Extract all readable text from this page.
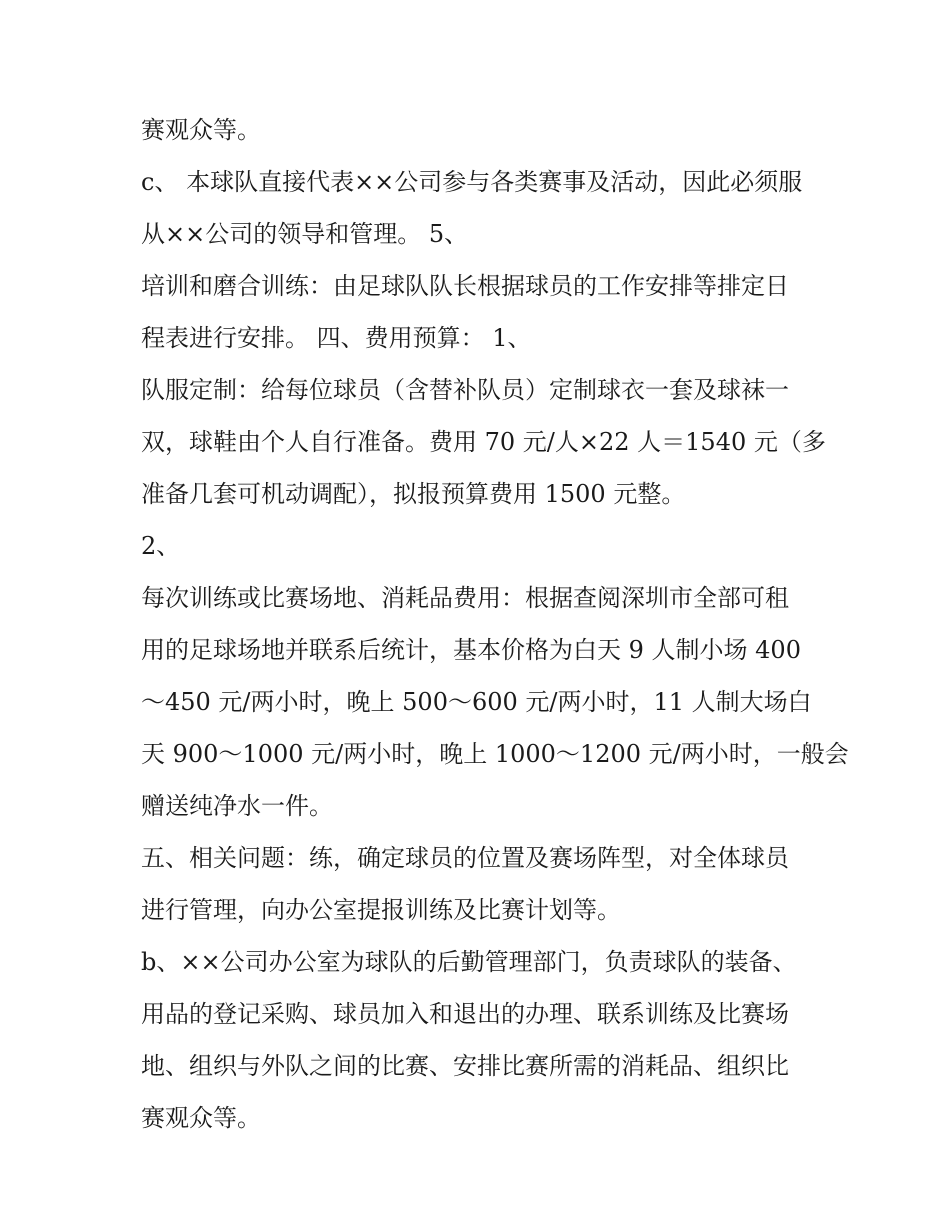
赛观众等。
c、 本球队直接代表××公司参与各类赛事及活动，因此必须服
从××公司的领导和管理。 5、
培训和磨合训练：由足球队队长根据球员的工作安排等排定日
程表进行安排。 四、费用预算： 1、
队服定制：给每位球员（含替补队员）定制球衣一套及球袜一
双，球鞋由个人自行准备。费用 70 元/人×22 人＝1540 元（多
准备几套可机动调配），拟报预算费用 1500 元整。
2、
每次训练或比赛场地、消耗品费用：根据查阅深圳市全部可租
用的足球场地并联系后统计，基本价格为白天 9 人制小场 400
～450 元/两小时，晚上 500～600 元/两小时，11 人制大场白
天 900～1000 元/两小时，晚上 1000～1200 元/两小时，一般会
赠送纯净水一件。
五、相关问题：练，确定球员的位置及赛场阵型，对全体球员
进行管理，向办公室提报训练及比赛计划等。
b、××公司办公室为球队的后勤管理部门，负责球队的装备、
用品的登记采购、球员加入和退出的办理、联系训练及比赛场
地、组织与外队之间的比赛、安排比赛所需的消耗品、组织比
赛观众等。
